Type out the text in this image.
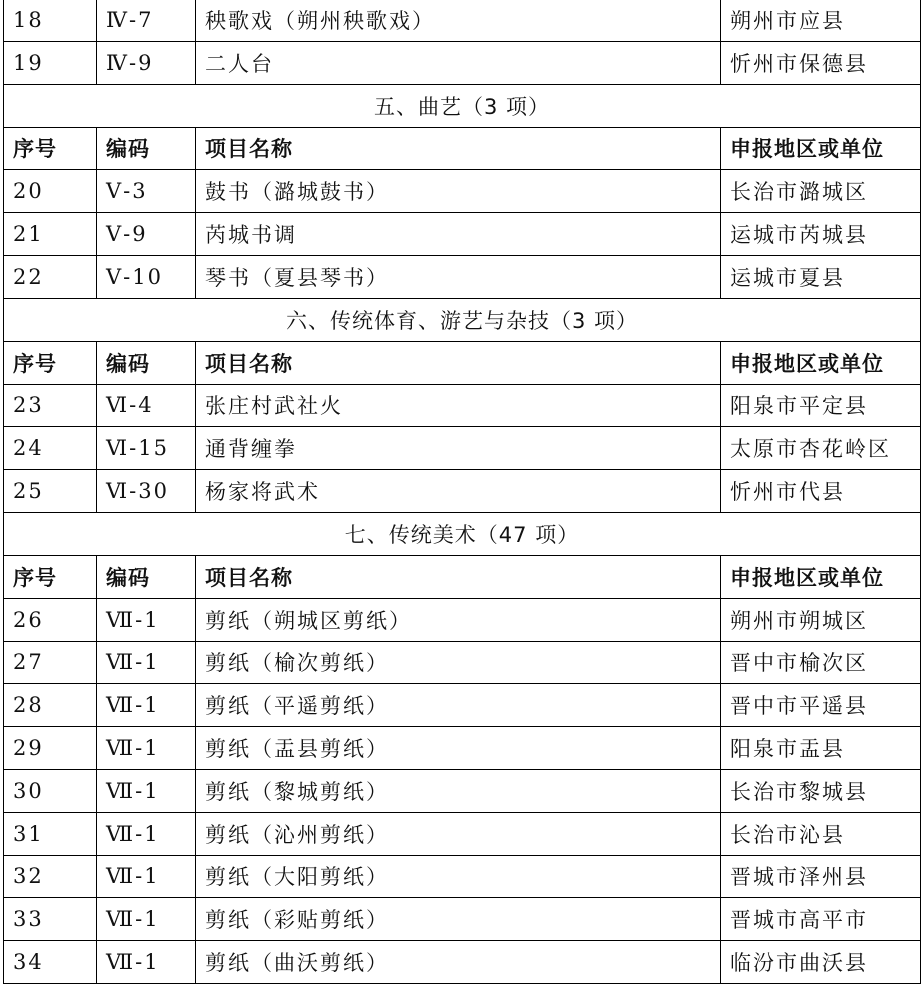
18	Ⅳ-7	秧歌戏（朔州秧歌戏）	朔州市应县
19	Ⅳ-9	二人台	忻州市保德县
五、曲艺（3 项）			
序号	编码	项目名称	申报地区或单位
20	Ⅴ-3	鼓书（潞城鼓书）	长治市潞城区
21	Ⅴ-9	芮城书调	运城市芮城县
22	Ⅴ-10	琴书（夏县琴书）	运城市夏县
六、传统体育、游艺与杂技（3 项）			
序号	编码	项目名称	申报地区或单位
23	Ⅵ-4	张庄村武社火	阳泉市平定县
24	Ⅵ-15	通背缠拳	太原市杏花岭区
25	Ⅵ-30	杨家将武术	忻州市代县
七、传统美术（47 项）			
序号	编码	项目名称	申报地区或单位
26	Ⅶ-1	剪纸（朔城区剪纸）	朔州市朔城区
27	Ⅶ-1	剪纸（榆次剪纸）	晋中市榆次区
28	Ⅶ-1	剪纸（平遥剪纸）	晋中市平遥县
29	Ⅶ-1	剪纸（盂县剪纸）	阳泉市盂县
30	Ⅶ-1	剪纸（黎城剪纸）	长治市黎城县
31	Ⅶ-1	剪纸（沁州剪纸）	长治市沁县
32	Ⅶ-1	剪纸（大阳剪纸）	晋城市泽州县
33	Ⅶ-1	剪纸（彩贴剪纸）	晋城市高平市
34	Ⅶ-1	剪纸（曲沃剪纸）	临汾市曲沃县
